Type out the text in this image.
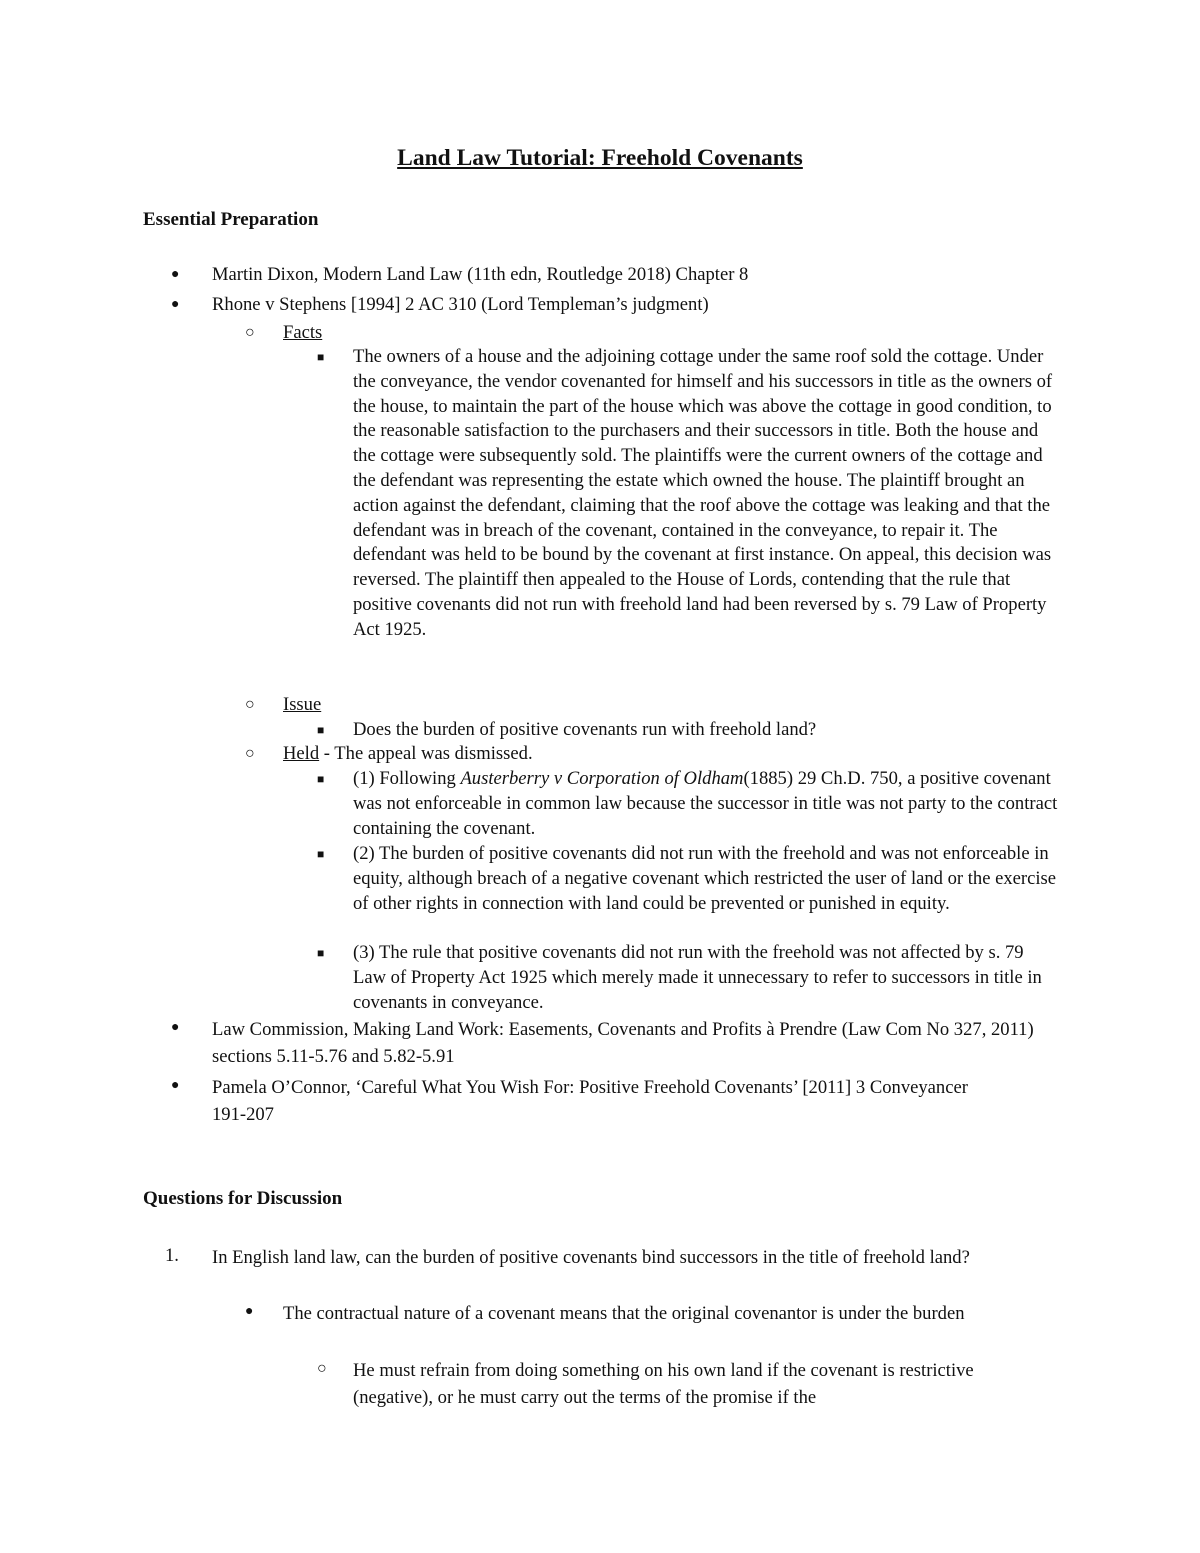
Land Law Tutorial: Freehold Covenants
Essential Preparation
● Martin Dixon, Modern Land Law (11th edn, Routledge 2018) Chapter 8
● Rhone v Stephens [1994] 2 AC 310 (Lord Templeman’s judgment)
○ Facts
■ The owners of a house and the adjoining cottage under the same roof sold the cottage. Under the conveyance, the vendor covenanted for himself and his successors in title as the owners of the house, to maintain the part of the house which was above the cottage in good condition, to the reasonable satisfaction to the purchasers and their successors in title. Both the house and the cottage were subsequently sold. The plaintiffs were the current owners of the cottage and the defendant was representing the estate which owned the house. The plaintiff brought an action against the defendant, claiming that the roof above the cottage was leaking and that the defendant was in breach of the covenant, contained in the conveyance, to repair it. The defendant was held to be bound by the covenant at first instance. On appeal, this decision was reversed. The plaintiff then appealed to the House of Lords, contending that the rule that positive covenants did not run with freehold land had been reversed by s. 79 Law of Property Act 1925.
○ Issue
■ Does the burden of positive covenants run with freehold land?
○ Held - The appeal was dismissed.
■ (1) Following Austerberry v Corporation of Oldham(1885) 29 Ch.D. 750, a positive covenant was not enforceable in common law because the successor in title was not party to the contract containing the covenant.
■ (2) The burden of positive covenants did not run with the freehold and was not enforceable in equity, although breach of a negative covenant which restricted the user of land or the exercise of other rights in connection with land could be prevented or punished in equity.
■ (3) The rule that positive covenants did not run with the freehold was not affected by s. 79 Law of Property Act 1925 which merely made it unnecessary to refer to successors in title in covenants in conveyance.
● Law Commission, Making Land Work: Easements, Covenants and Profits à Prendre (Law Com No 327, 2011) sections 5.11-5.76 and 5.82-5.91
● Pamela O’Connor, ‘Careful What You Wish For: Positive Freehold Covenants’ [2011] 3 Conveyancer 191-207
Questions for Discussion
1. In English land law, can the burden of positive covenants bind successors in the title of freehold land?
● The contractual nature of a covenant means that the original covenantor is under the burden
○ He must refrain from doing something on his own land if the covenant is restrictive (negative), or he must carry out the terms of the promise if the
